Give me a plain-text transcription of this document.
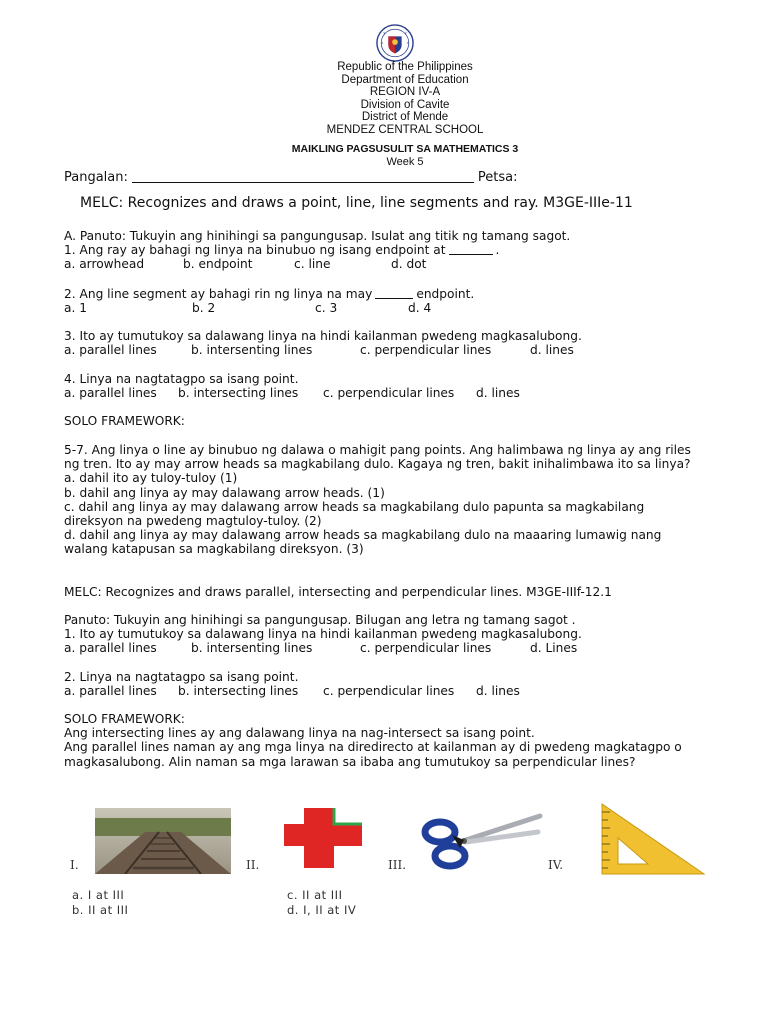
Republic of the Philippines
Department of Education
REGION IV-A
Division of Cavite
District of Mende
MENDEZ CENTRAL SCHOOL
MAIKLING PAGSUSULIT SA MATHEMATICS 3
Week 5
Pangalan:	Petsa:
MELC: Recognizes and draws a point, line, line segments and ray. M3GE-IIIe-11
A. Panuto: Tukuyin ang hinihingi sa pangungusap. Isulat ang titik ng tamang sagot.
1. Ang ray ay bahagi ng linya na binubuo ng isang endpoint at	.
a. arrowhead	b. endpoint	c. line	d. dot
2. Ang line segment ay bahagi rin ng linya na may	endpoint.
a. 1	b. 2	c. 3	d. 4
3. Ito ay tumutukoy sa dalawang linya na hindi kailanman pwedeng magkasalubong.
a. parallel lines	b. intersenting lines	c. perpendicular lines	d. lines
4. Linya na nagtatagpo sa isang point.
a. parallel lines b. intersecting lines c. perpendicular lines d. lines
SOLO FRAMEWORK:
5-7. Ang linya o line ay binubuo ng dalawa o mahigit pang points. Ang halimbawa ng linya ay ang riles
ng tren. Ito ay may arrow heads sa magkabilang dulo. Kagaya ng tren, bakit inihalimbawa ito sa linya?
a. dahil ito ay tuloy-tuloy (1)
b. dahil ang linya ay may dalawang arrow heads. (1)
c. dahil ang linya ay may dalawang arrow heads sa magkabilang dulo papunta sa magkabilang
direksyon na pwedeng magtuloy-tuloy. (2)
d. dahil ang linya ay may dalawang arrow heads sa magkabilang dulo na maaaring lumawig nang
walang katapusan sa magkabilang direksyon. (3)
MELC: Recognizes and draws parallel, intersecting and perpendicular lines. M3GE-IIIf-12.1
Panuto: Tukuyin ang hinihingi sa pangungusap. Bilugan ang letra ng tamang sagot .
1. Ito ay tumutukoy sa dalawang linya na hindi kailanman pwedeng magkasalubong.
a. parallel lines	b. intersenting lines	c. perpendicular lines	d. Lines
2. Linya na nagtatagpo sa isang point.
a. parallel lines b. intersecting lines c. perpendicular lines d. lines
SOLO FRAMEWORK:
Ang intersecting lines ay ang dalawang linya na nag-intersect sa isang point.
Ang parallel lines naman ay ang mga linya na diredirecto at kailanman ay di pwedeng magkatagpo o
magkasalubong. Alin naman sa mga larawan sa ibaba ang tumutukoy sa perpendicular lines?
I.	II.	III.	IV.
a. I at III
b. II at III
c. II at III
d. I, II at IV
